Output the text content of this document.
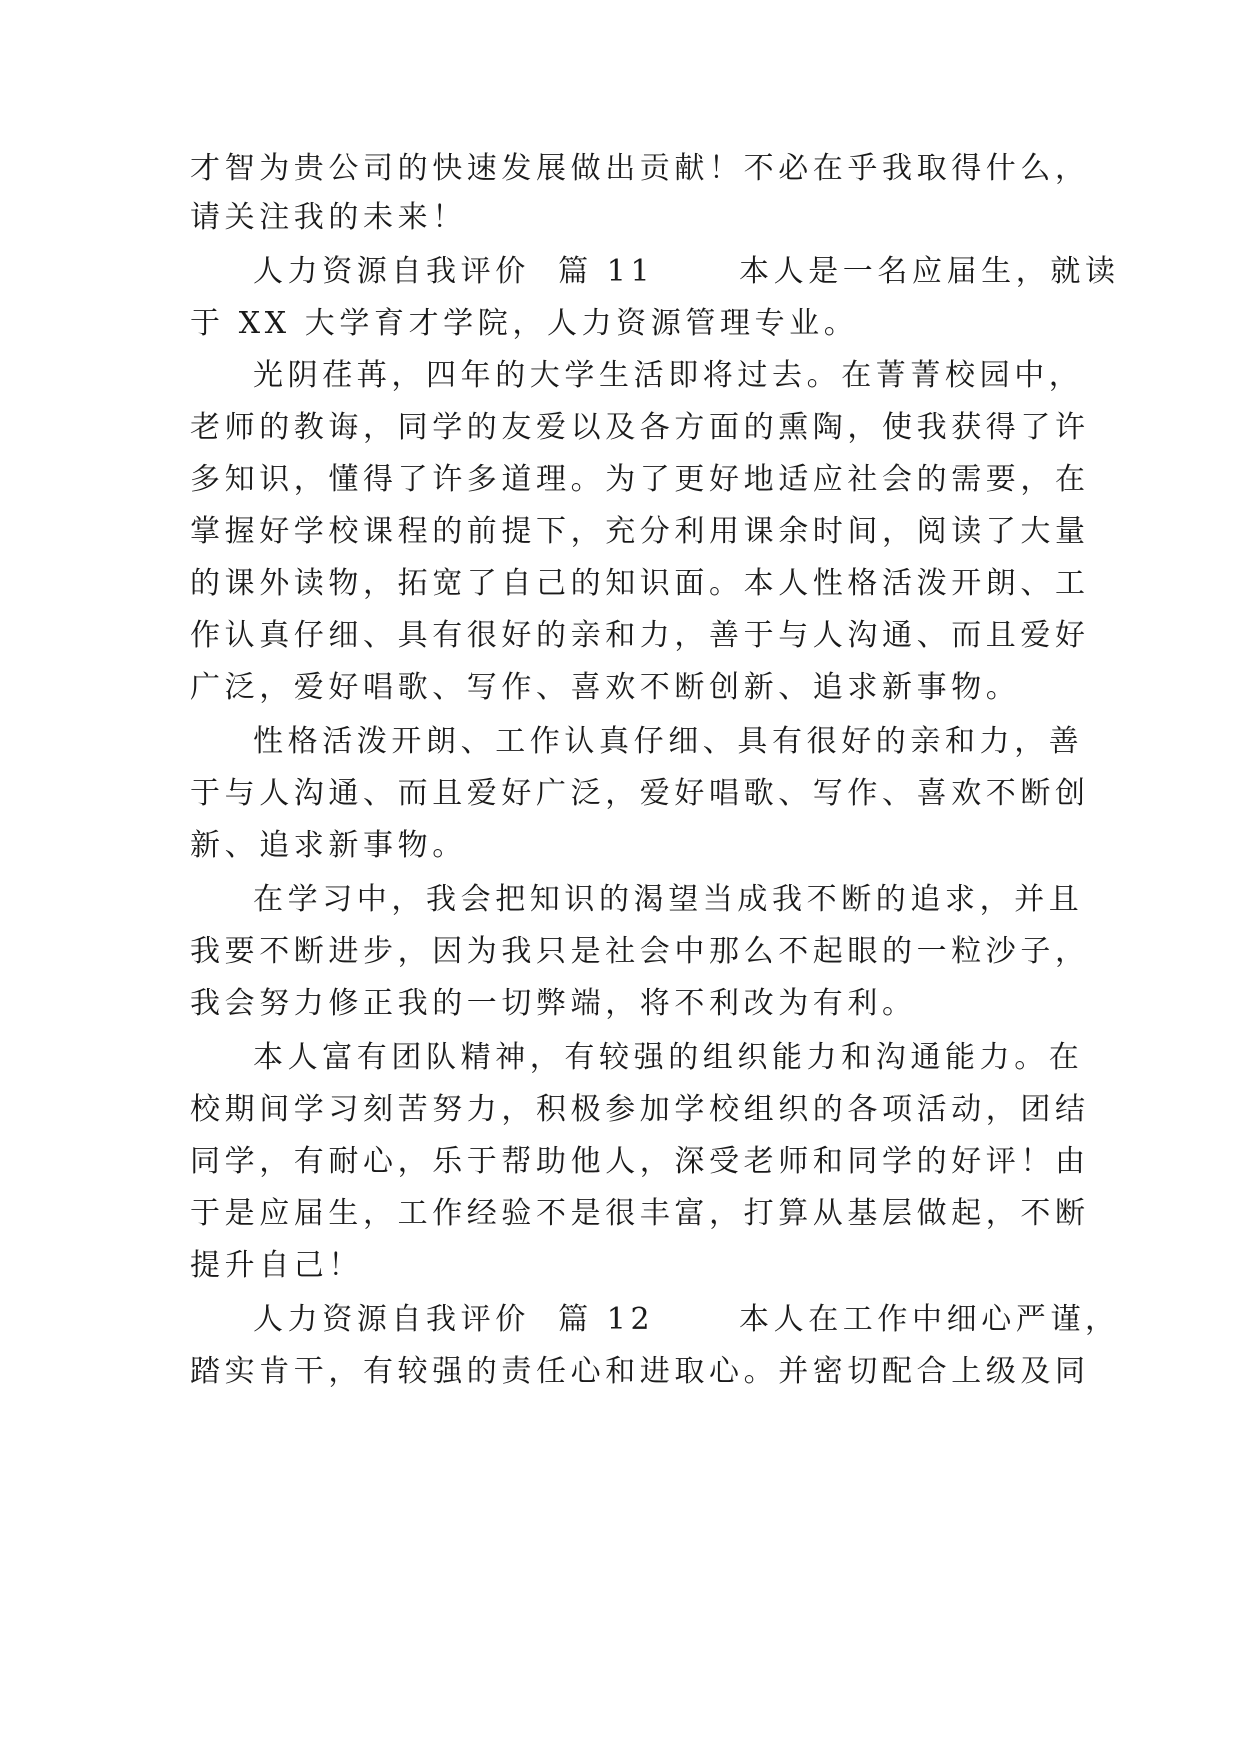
才智为贵公司的快速发展做出贡献！不必在乎我取得什么，
请关注我的未来！
人力资源自我评价  篇 11      本人是一名应届生，就读
于 XX 大学育才学院，人力资源管理专业。
光阴荏苒，四年的大学生活即将过去。在菁菁校园中，
老师的教诲，同学的友爱以及各方面的熏陶，使我获得了许
多知识，懂得了许多道理。为了更好地适应社会的需要，在
掌握好学校课程的前提下，充分利用课余时间，阅读了大量
的课外读物，拓宽了自己的知识面。本人性格活泼开朗、工
作认真仔细、具有很好的亲和力，善于与人沟通、而且爱好
广泛，爱好唱歌、写作、喜欢不断创新、追求新事物。
性格活泼开朗、工作认真仔细、具有很好的亲和力，善
于与人沟通、而且爱好广泛，爱好唱歌、写作、喜欢不断创
新、追求新事物。
在学习中，我会把知识的渴望当成我不断的追求，并且
我要不断进步，因为我只是社会中那么不起眼的一粒沙子，
我会努力修正我的一切弊端，将不利改为有利。
本人富有团队精神，有较强的组织能力和沟通能力。在
校期间学习刻苦努力，积极参加学校组织的各项活动，团结
同学，有耐心，乐于帮助他人，深受老师和同学的好评！由
于是应届生，工作经验不是很丰富，打算从基层做起，不断
提升自己！
人力资源自我评价  篇 12      本人在工作中细心严谨，
踏实肯干，有较强的责任心和进取心。并密切配合上级及同
